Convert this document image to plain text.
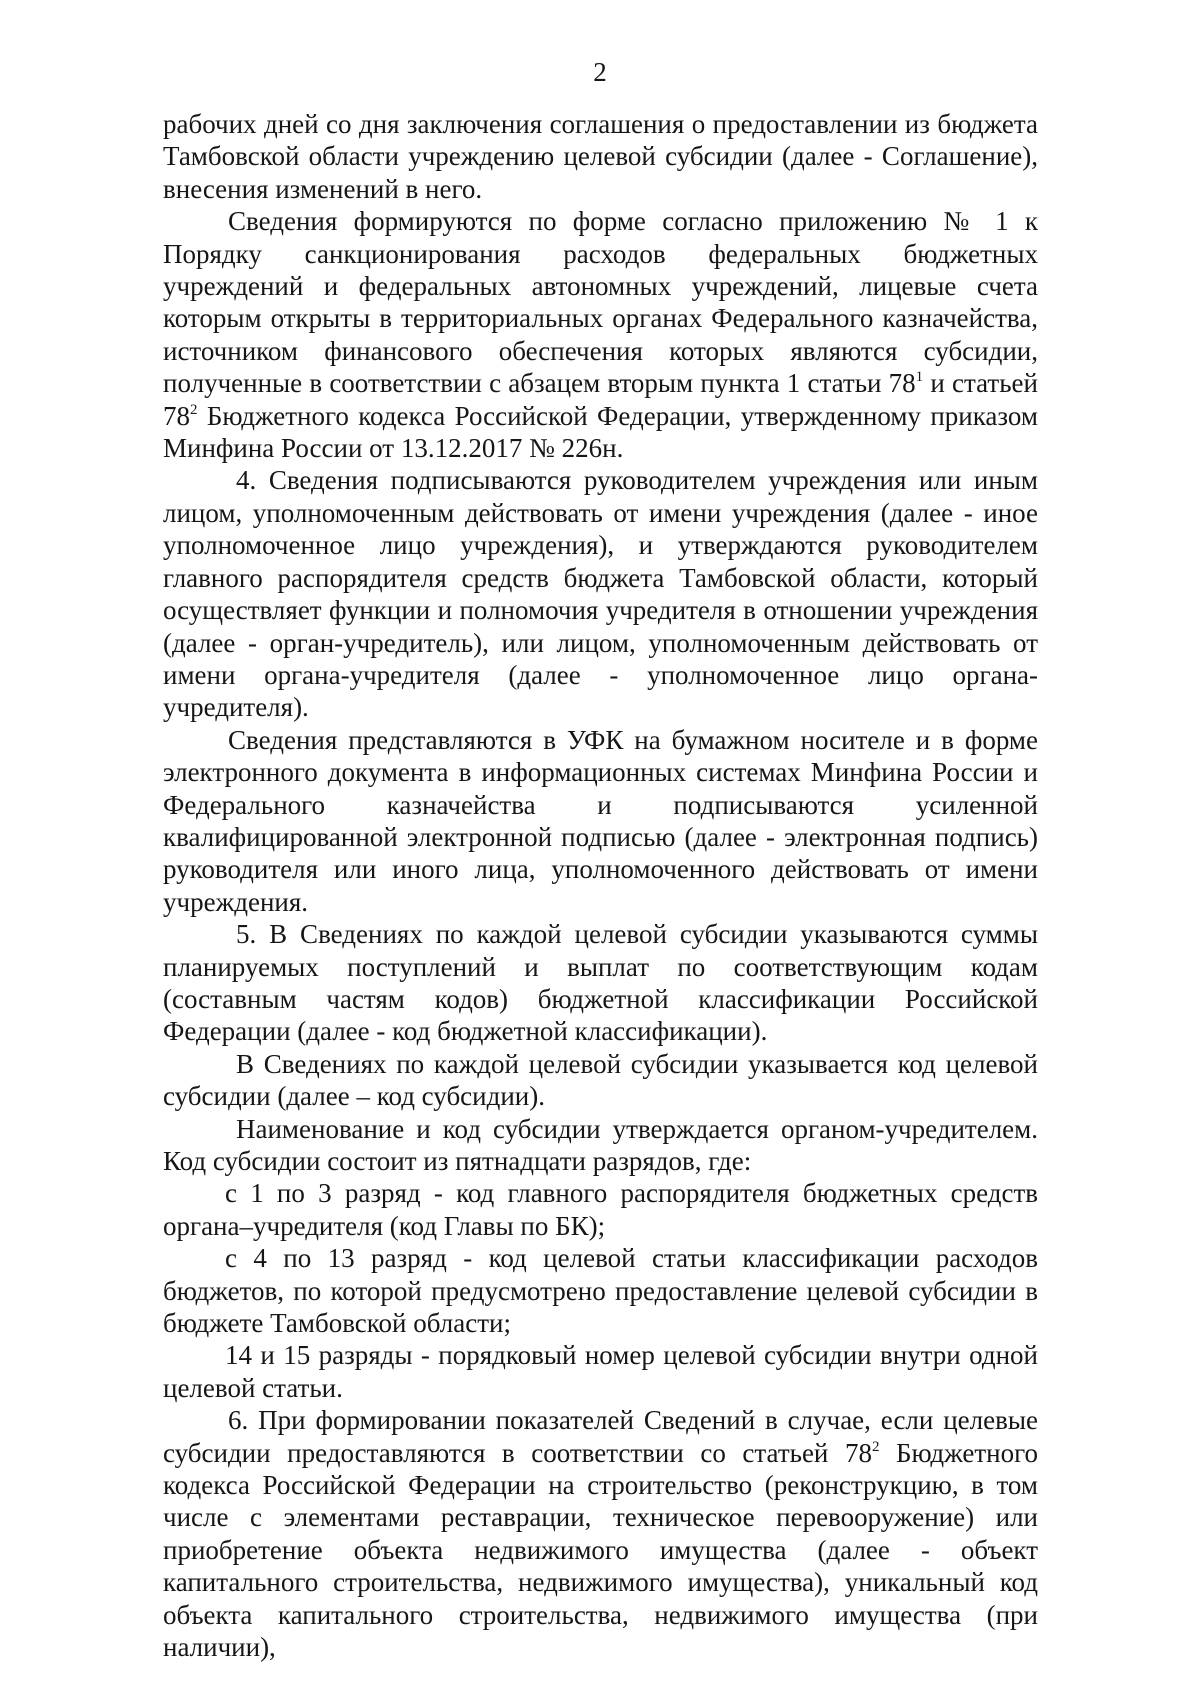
2

рабочих дней со дня заключения соглашения о предоставлении из бюджета Тамбовской области учреждению целевой субсидии (далее - Соглашение), внесения изменений в него.

Сведения формируются по форме согласно приложению № 1 к Порядку санкционирования расходов федеральных бюджетных учреждений и федеральных автономных учреждений, лицевые счета которым открыты в территориальных органах Федерального казначейства, источником финансового обеспечения которых являются субсидии, полученные в соответствии с абзацем вторым пункта 1 статьи $78^1$ и статьей $78^2$ Бюджетного кодекса Российской Федерации, утвержденному приказом Минфина России от 13.12.2017 № 226н.

4. Сведения подписываются руководителем учреждения или иным лицом, уполномоченным действовать от имени учреждения (далее - иное уполномоченное лицо учреждения), и утверждаются руководителем главного распорядителя средств бюджета Тамбовской области, который осуществляет функции и полномочия учредителя в отношении учреждения (далее - орган-учредитель), или лицом, уполномоченным действовать от имени органа-учредителя (далее - уполномоченное лицо органа-учредителя).

Сведения представляются в УФК на бумажном носителе и в форме электронного документа в информационных системах Минфина России и Федерального казначейства и подписываются усиленной квалифицированной электронной подписью (далее - электронная подпись) руководителя или иного лица, уполномоченного действовать от имени учреждения.

5. В Сведениях по каждой целевой субсидии указываются суммы планируемых поступлений и выплат по соответствующим кодам (составным частям кодов) бюджетной классификации Российской Федерации (далее - код бюджетной классификации).

В Сведениях по каждой целевой субсидии указывается код целевой субсидии (далее – код субсидии).

Наименование и код субсидии утверждается органом-учредителем. Код субсидии состоит из пятнадцати разрядов, где:

с 1 по 3 разряд - код главного распорядителя бюджетных средств органа–учредителя (код Главы по БК);

с 4 по 13 разряд - код целевой статьи классификации расходов бюджетов, по которой предусмотрено предоставление целевой субсидии в бюджете Тамбовской области;

14 и 15 разряды - порядковый номер целевой субсидии внутри одной целевой статьи.

6. При формировании показателей Сведений в случае, если целевые субсидии предоставляются в соответствии со статьей $78^2$ Бюджетного кодекса Российской Федерации на строительство (реконструкцию, в том числе с элементами реставрации, техническое перевооружение) или приобретение объекта недвижимого имущества (далее - объект капитального строительства, недвижимого имущества), уникальный код объекта капитального строительства, недвижимого имущества (при наличии),
